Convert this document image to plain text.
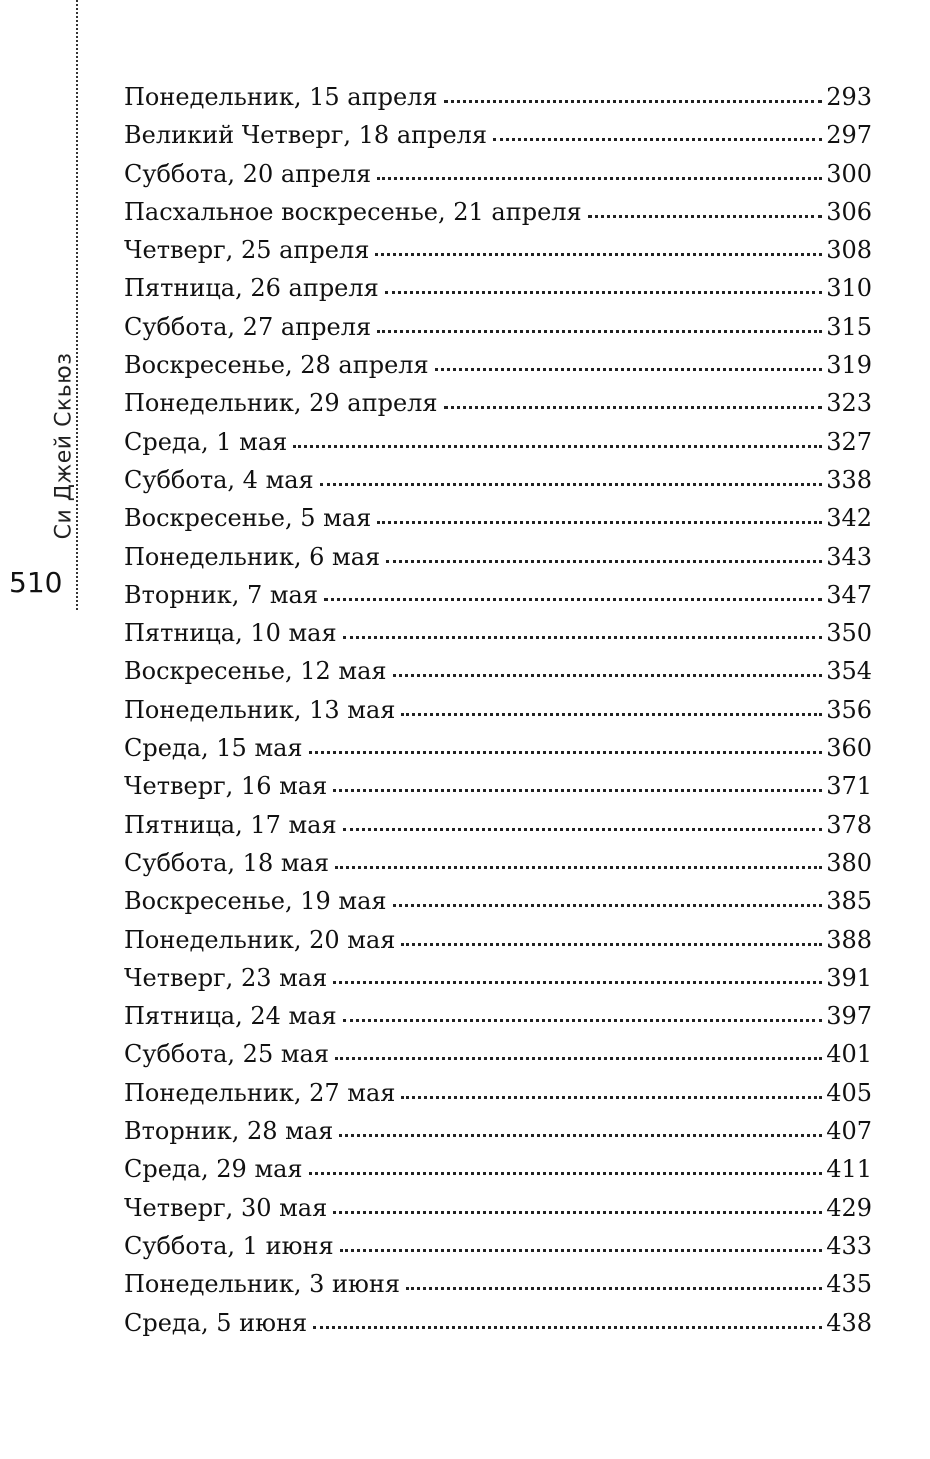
Си Джей Скьюз
510
Понедельник, 15 апреля	293
Великий Четверг, 18 апреля	297
Суббота, 20 апреля	300
Пасхальное воскресенье, 21 апреля	306
Четверг, 25 апреля	308
Пятница, 26 апреля	310
Суббота, 27 апреля	315
Воскресенье, 28 апреля	319
Понедельник, 29 апреля	323
Среда, 1 мая	327
Суббота, 4 мая	338
Воскресенье, 5 мая	342
Понедельник, 6 мая	343
Вторник, 7 мая	347
Пятница, 10 мая	350
Воскресенье, 12 мая	354
Понедельник, 13 мая	356
Среда, 15 мая	360
Четверг, 16 мая	371
Пятница, 17 мая	378
Суббота, 18 мая	380
Воскресенье, 19 мая	385
Понедельник, 20 мая	388
Четверг, 23 мая	391
Пятница, 24 мая	397
Суббота, 25 мая	401
Понедельник, 27 мая	405
Вторник, 28 мая	407
Среда, 29 мая	411
Четверг, 30 мая	429
Суббота, 1 июня	433
Понедельник, 3 июня	435
Среда, 5 июня	438
